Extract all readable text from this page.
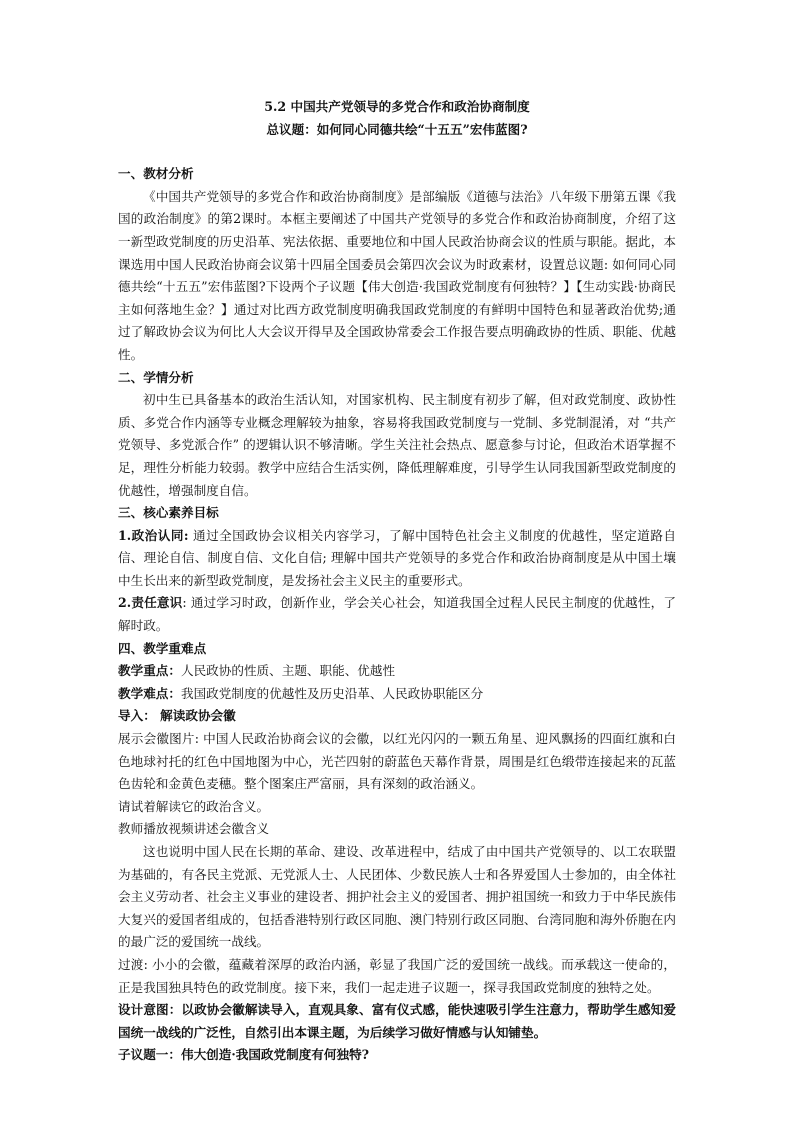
5.2 中国共产党领导的多党合作和政治协商制度

总议题：如何同心同德共绘“十五五”宏伟蓝图?

一、教材分析

《中国共产党领导的多党合作和政治协商制度》是部编版《道德与法治》八年级下册第五课《我国的政治制度》的第2课时。本框主要阐述了中国共产党领导的多党合作和政治协商制度，介绍了这一新型政党制度的历史沿革、宪法依据、重要地位和中国人民政治协商会议的性质与职能。据此，本课选用中国人民政治协商会议第十四届全国委员会第四次会议为时政素材，设置总议题: 如何同心同德共绘“十五五”宏伟蓝图?下设两个子议题【伟大创造·我国政党制度有何独特？】【生动实践·协商民主如何落地生金？】通过对比西方政党制度明确我国政党制度的有鲜明中国特色和显著政治优势;通过了解政协会议为何比人大会议开得早及全国政协常委会工作报告要点明确政协的性质、职能、优越性。

二、学情分析

初中生已具备基本的政治生活认知，对国家机构、民主制度有初步了解，但对政党制度、政协性质、多党合作内涵等专业概念理解较为抽象，容易将我国政党制度与一党制、多党制混淆，对 “共产党领导、多党派合作” 的逻辑认识不够清晰。学生关注社会热点、愿意参与讨论，但政治术语掌握不足，理性分析能力较弱。教学中应结合生活实例，降低理解难度，引导学生认同我国新型政党制度的优越性，增强制度自信。

三、核心素养目标

1.政治认同: 通过全国政协会议相关内容学习，了解中国特色社会主义制度的优越性，坚定道路自信、理论自信、制度自信、文化自信; 理解中国共产党领导的多党合作和政治协商制度是从中国土壤中生长出来的新型政党制度，是发扬社会主义民主的重要形式。

2.责任意识: 通过学习时政，创新作业，学会关心社会，知道我国全过程人民民主制度的优越性，了解时政。

四、教学重难点

教学重点：人民政协的性质、主题、职能、优越性

教学难点：我国政党制度的优越性及历史沿革、人民政协职能区分

导入： 解读政协会徽

展示会徽图片: 中国人民政治协商会议的会徽，以红光闪闪的一颗五角星、迎风飘扬的四面红旗和白色地球衬托的红色中国地图为中心，光芒四射的蔚蓝色天幕作背景，周围是红色缎带连接起来的瓦蓝色齿轮和金黄色麦穗。整个图案庄严富丽，具有深刻的政治涵义。

请试着解读它的政治含义。

教师播放视频讲述会徽含义

这也说明中国人民在长期的革命、建设、改革进程中，结成了由中国共产党领导的、以工农联盟为基础的，有各民主党派、无党派人士、人民团体、少数民族人士和各界爱国人士参加的，由全体社会主义劳动者、社会主义事业的建设者、拥护社会主义的爱国者、拥护祖国统一和致力于中华民族伟大复兴的爱国者组成的，包括香港特别行政区同胞、澳门特别行政区同胞、台湾同胞和海外侨胞在内的最广泛的爱国统一战线。

过渡: 小小的会徽，蕴藏着深厚的政治内涵，彰显了我国广泛的爱国统一战线。而承载这一使命的，正是我国独具特色的政党制度。接下来，我们一起走进子议题一，探寻我国政党制度的独特之处。

设计意图：以政协会徽解读导入，直观具象、富有仪式感，能快速吸引学生注意力，帮助学生感知爱国统一战线的广泛性，自然引出本课主题，为后续学习做好情感与认知铺垫。

子议题一：伟大创造·我国政党制度有何独特?
